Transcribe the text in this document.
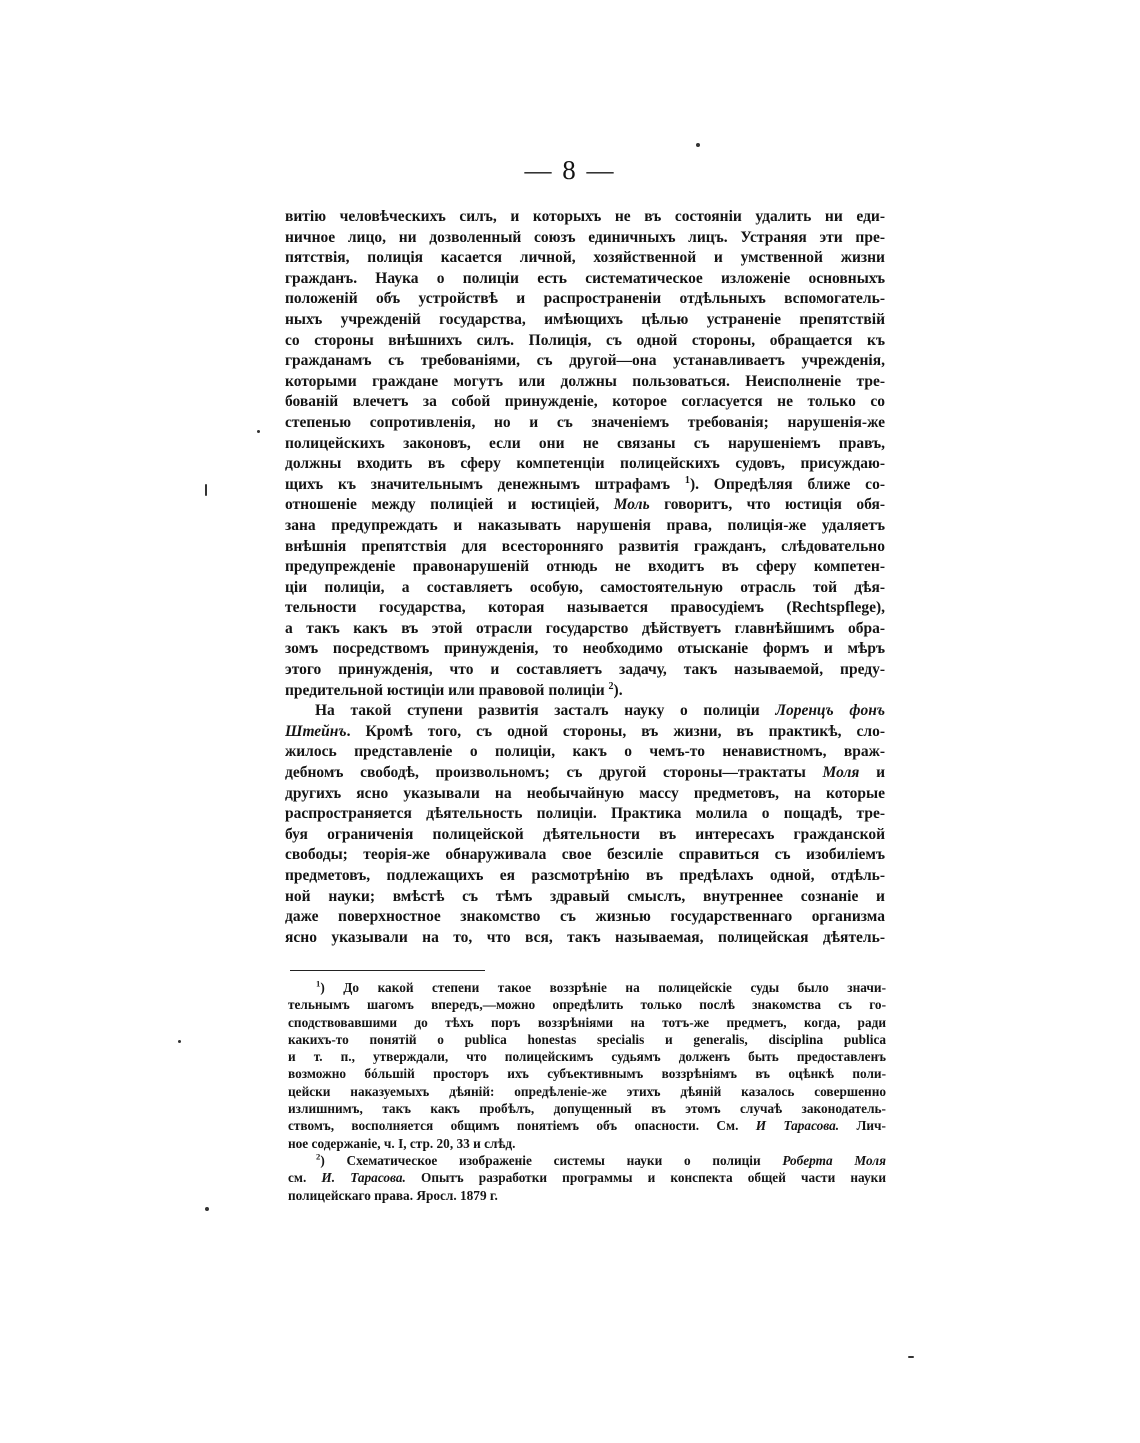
— 8 —
витію человѣческихъ силъ, и которыхъ не въ состояніи удалить ни еди-
ничное лицо, ни дозволенный союзъ единичныхъ лицъ. Устраняя эти пре-
пятствія, полиція касается личной, хозяйственной и умственной жизни
гражданъ. Наука о полиціи есть систематическое изложеніе основныхъ
положеній объ устройствѣ и распространеніи отдѣльныхъ вспомогатель-
ныхъ учрежденій государства, имѣющихъ цѣлью устраненіе препятствій
со стороны внѣшнихъ силъ. Полиція, съ одной стороны, обращается къ
гражданамъ съ требованіями, съ другой—она устанавливаетъ учрежденія,
которыми граждане могутъ или должны пользоваться. Неисполненіе тре-
бованій влечетъ за собой принужденіе, которое согласуется не только со
степенью сопротивленія, но и съ значеніемъ требованія; нарушенія-же
полицейскихъ законовъ, если они не связаны съ нарушеніемъ правъ,
должны входить въ сферу компетенціи полицейскихъ судовъ, присуждаю-
щихъ къ значительнымъ денежнымъ штрафамъ $^1$). Опредѣляя ближе со-
отношеніе между полиціей и юстиціей, Моль говоритъ, что юстиція обя-
зана предупреждать и наказывать нарушенія права, полиція-же удаляетъ
внѣшнія препятствія для всесторонняго развитія гражданъ, слѣдовательно
предупрежденіе правонарушеній отнюдь не входитъ въ сферу компетен-
ціи полиціи, а составляетъ особую, самостоятельную отрасль той дѣя-
тельности государства, которая называется правосудіемъ (Rechtspflege),
а такъ какъ въ этой отрасли государство дѣйствуетъ главнѣйшимъ обра-
зомъ посредствомъ принужденія, то необходимо отысканіе формъ и мѣръ
этого принужденія, что и составляетъ задачу, такъ называемой, преду-
предительной юстиціи или правовой полиціи $^2$).
На такой ступени развитія засталъ науку о полиціи Лоренцъ фонъ
Штейнъ. Кромѣ того, съ одной стороны, въ жизни, въ практикѣ, сло-
жилось представленіе о полиціи, какъ о чемъ-то ненавистномъ, враж-
дебномъ свободѣ, произвольномъ; съ другой стороны—трактаты Моля и
другихъ ясно указывали на необычайную массу предметовъ, на которые
распространяется дѣятельность полиціи. Практика молила о пощадѣ, тре-
буя ограниченія полицейской дѣятельности въ интересахъ гражданской
свободы; теорія-же обнаруживала свое безсиліе справиться съ изобиліемъ
предметовъ, подлежащихъ ея разсмотрѣнію въ предѣлахъ одной, отдѣль-
ной науки; вмѣстѣ съ тѣмъ здравый смыслъ, внутреннее сознаніе и
даже поверхностное знакомство съ жизнью государственнаго организма
ясно указывали на то, что вся, такъ называемая, полицейская дѣятель-
$^1$) До какой степени такое воззрѣніе на полицейскіе суды было значи-
тельнымъ шагомъ впередъ,—можно опредѣлить только послѣ знакомства съ го-
сподствовавшими до тѣхъ поръ воззрѣніями на тотъ-же предметъ, когда, ради
какихъ-то понятій о publica honestas specialis и generalis, disciplina publica
и т. п., утверждали, что полицейскимъ судьямъ долженъ быть предоставленъ
возможно бóльшій просторъ ихъ субъективнымъ воззрѣніямъ въ оцѣнкѣ поли-
цейски наказуемыхъ дѣяній: опредѣленіе-же этихъ дѣяній казалось совершенно
излишнимъ, такъ какъ пробѣлъ, допущенный въ этомъ случаѣ законодатель-
ствомъ, восполняется общимъ понятіемъ объ опасности. См. И Тарасова. Лич-
ное содержаніе, ч. I, стр. 20, 33 и слѣд.
$^2$) Схематическое изображеніе системы науки о полиціи Роберта Моля
см. И. Тарасова. Опытъ разработки программы и конспекта общей части науки
полицейскаго права. Яросл. 1879 г.
